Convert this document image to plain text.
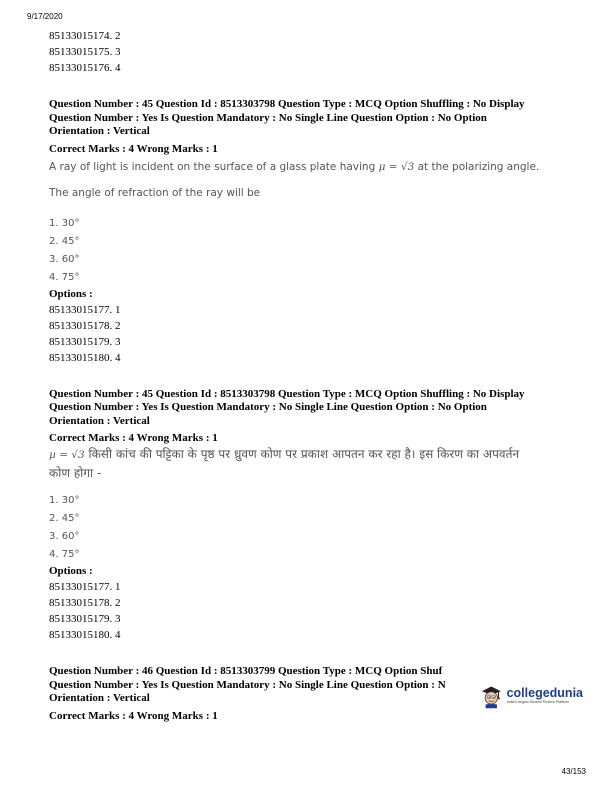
9/17/2020
85133015174. 2
85133015175. 3
85133015176. 4
Question Number : 45 Question Id : 8513303798 Question Type : MCQ Option Shuffling : No Display
Question Number : Yes Is Question Mandatory : No Single Line Question Option : No Option
Orientation : Vertical
Correct Marks : 4 Wrong Marks : 1
A ray of light is incident on the surface of a glass plate having μ = √3 at the polarizing angle.
The angle of refraction of the ray will be
1. 30°
2. 45°
3. 60°
4. 75°
Options :
85133015177. 1
85133015178. 2
85133015179. 3
85133015180. 4
Question Number : 45 Question Id : 8513303798 Question Type : MCQ Option Shuffling : No Display
Question Number : Yes Is Question Mandatory : No Single Line Question Option : No Option
Orientation : Vertical
Correct Marks : 4 Wrong Marks : 1
μ = √3 किसी कांच की पट्टिका के पृष्ठ पर ध्रुवण कोण पर प्रकाश आपतन कर रहा है। इस किरण का अपवर्तन
कोण होगा -
1. 30°
2. 45°
3. 60°
4. 75°
Options :
85133015177. 1
85133015178. 2
85133015179. 3
85133015180. 4
Question Number : 46 Question Id : 8513303799 Question Type : MCQ Option Shuf
Question Number : Yes Is Question Mandatory : No Single Line Question Option : N
Orientation : Vertical
Correct Marks : 4 Wrong Marks : 1
collegedunia
India's largest Student Review Platform
43/153
